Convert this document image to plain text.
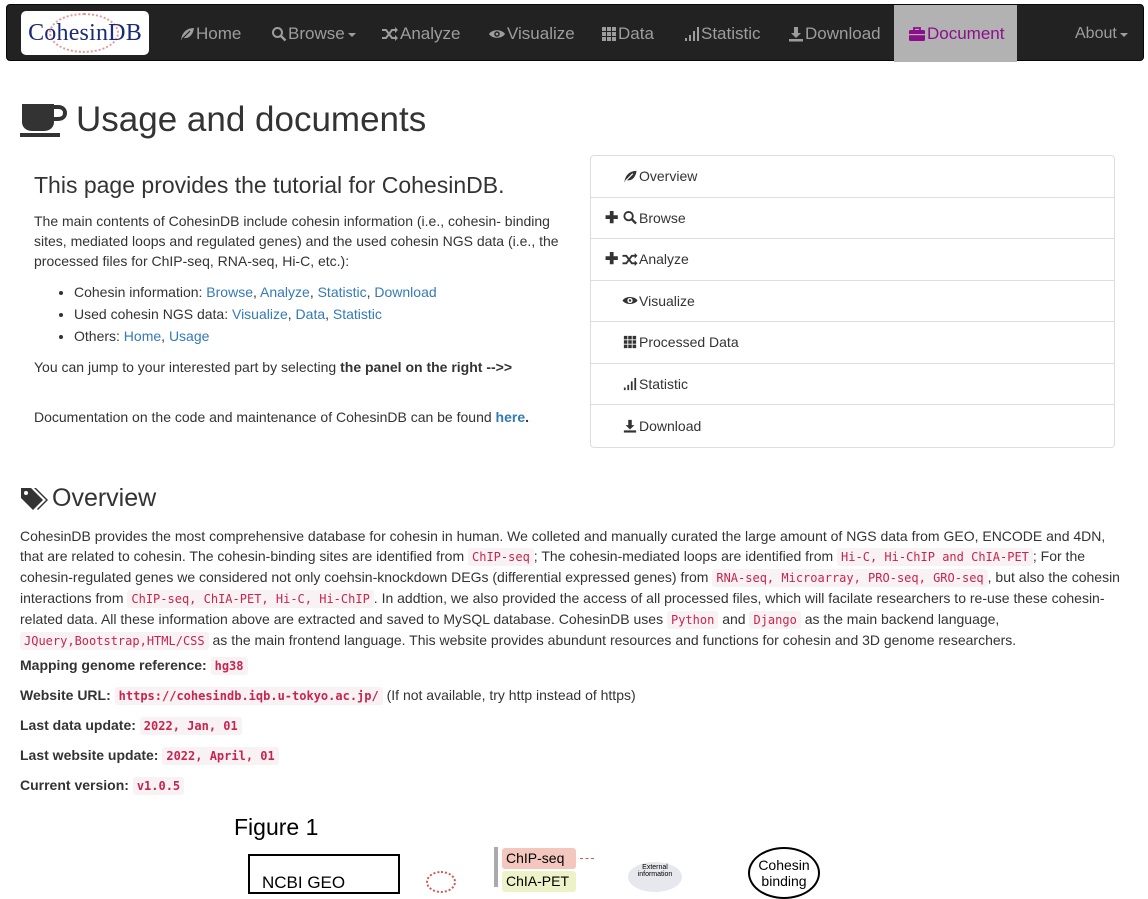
CohesinDB	Home	Browse	Analyze	Visualize	Data	Statistic	Download	Document	About
Usage and documents
This page provides the tutorial for CohesinDB.

The main contents of CohesinDB include cohesin information (i.e., cohesin- binding sites, mediated loops and regulated genes) and the used cohesin NGS data (i.e., the processed files for ChIP-seq, RNA-seq, Hi-C, etc.):

• Cohesin information: Browse, Analyze, Statistic, Download
• Used cohesin NGS data: Visualize, Data, Statistic
• Others: Home, Usage

You can jump to your interested part by selecting the panel on the right -->>

Documentation on the code and maintenance of CohesinDB can be found here.

Overview
✚ Browse
✚ Analyze
Visualize
Processed Data
Statistic
Download
Overview
CohesinDB provides the most comprehensive database for cohesin in human. We colleted and manually curated the large amount of NGS data from GEO, ENCODE and 4DN, that are related to cohesin. The cohesin-binding sites are identified from ChIP-seq ; The cohesin-mediated loops are identified from Hi-C, Hi-ChIP and ChIA-PET ; For the cohesin-regulated genes we considered not only coehsin-knockdown DEGs (differential expressed genes) from RNA-seq, Microarray, PRO-seq, GRO-seq , but also the cohesin interactions from ChIP-seq, ChIA-PET, Hi-C, Hi-ChIP . In addtion, we also provided the access of all processed files, which will facilate researchers to re-use these cohesin-related data. All these information above are extracted and saved to MySQL database. CohesinDB uses Python and Django as the main backend language, JQuery,Bootstrap,HTML/CSS as the main frontend language. This website provides abundunt resources and functions for cohesin and 3D genome researchers.
Mapping genome reference: hg38
Website URL: https://cohesindb.iqb.u-tokyo.ac.jp/ (If not available, try http instead of https)
Last data update: 2022, Jan, 01
Last website update: 2022, April, 01
Current version: v1.0.5
Figure 1
NCBI GEO
ChIP-seq
ChIA-PET
External
information
Cohesin
binding
